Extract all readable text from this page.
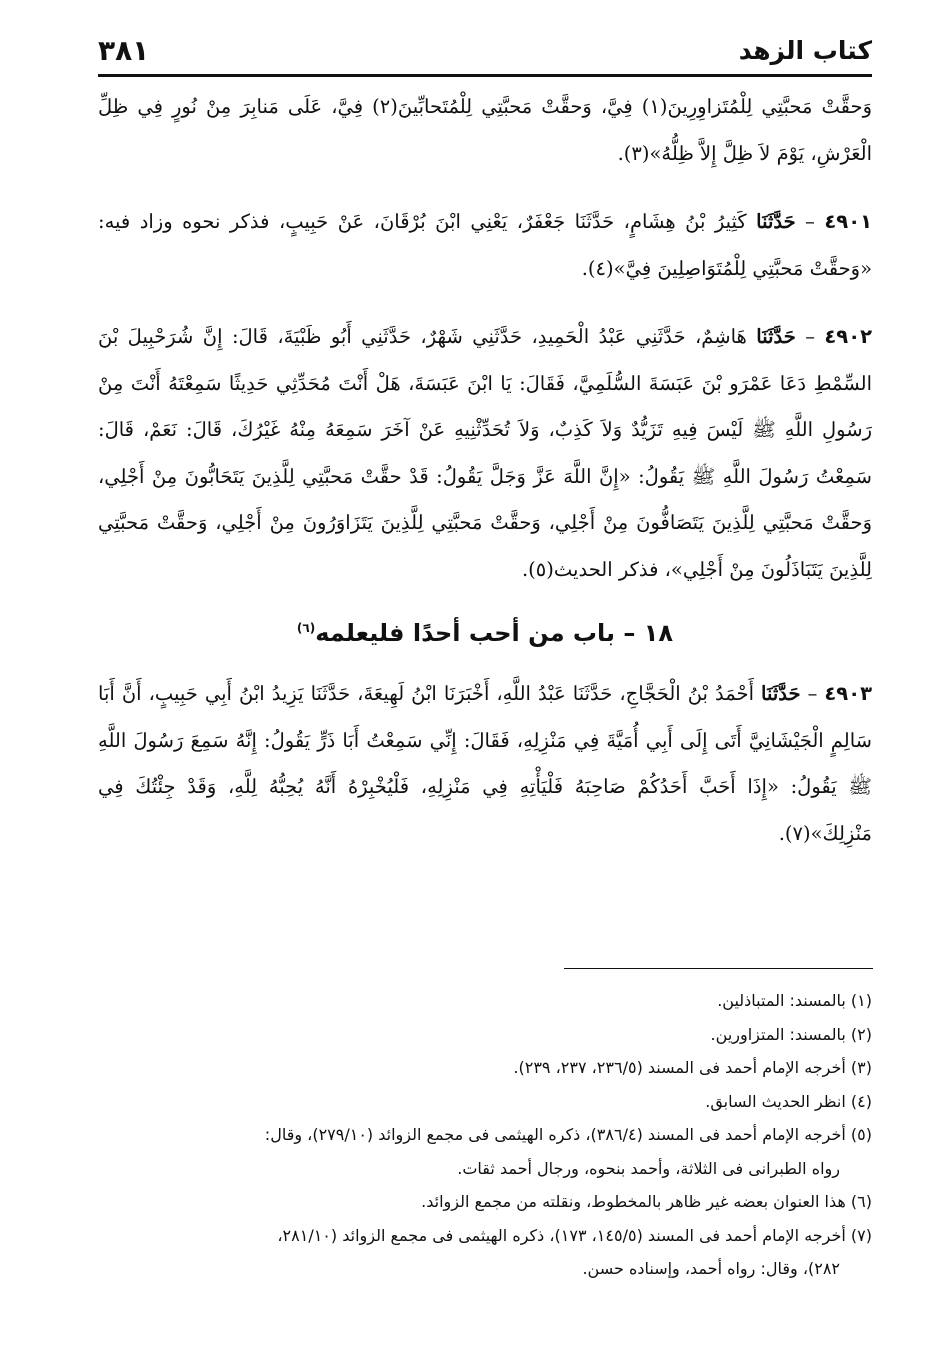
كتاب الزهد
٣٨١

وَحقَّتْ مَحبَّتِي لِلْمُتَزاوِرِينَ(١) فِيَّ، وَحقَّتْ مَحبَّتِي لِلْمُتَحابِّينَ(٢) فِيَّ، عَلَى مَنابِرَ مِنْ نُورٍ فِي ظِلِّ الْعَرْشِ، يَوْمَ لاَ ظِلَّ إِلاَّ ظِلُّهُ»(٣).

٤٩٠١ – حَدَّثَنَا كَثِيرُ بْنُ هِشَامٍ، حَدَّثَنَا جَعْفَرٌ، يَعْنِي ابْنَ بُرْقَانَ، عَنْ حَبِيبٍ، فذكر نحوه وزاد فيه: «وَحقَّتْ مَحبَّتِي لِلْمُتَوَاصِلِينَ فِيَّ»(٤).

٤٩٠٢ – حَدَّثَنَا هَاشِمٌ، حَدَّثَنِي عَبْدُ الْحَمِيدِ، حَدَّثَنِي شَهْرٌ، حَدَّثَنِي أَبُو ظَبْيَةَ، قَالَ: إِنَّ شُرَحْبِيلَ بْنَ السِّمْطِ دَعَا عَمْرَو بْنَ عَبَسَةَ السُّلَمِيَّ، فَقَالَ: يَا ابْنَ عَبَسَةَ، هَلْ أَنْتَ مُحَدِّثِي حَدِيثًا سَمِعْتَهُ أَنْتَ مِنْ رَسُولِ اللَّهِ ﷺ لَيْسَ فِيهِ تَزَيُّدٌ وَلاَ كَذِبٌ، وَلاَ تُحَدِّثْنِيهِ عَنْ آخَرَ سَمِعَهُ مِنْهُ غَيْرُكَ، قَالَ: نَعَمْ، قَالَ: سَمِعْتُ رَسُولَ اللَّهِ ﷺ يَقُولُ: «إِنَّ اللَّهَ عَزَّ وَجَلَّ يَقُولُ: قَدْ حقَّتْ مَحبَّتِي لِلَّذِينَ يَتَحَابُّونَ مِنْ أَجْلِي، وَحقَّتْ مَحبَّتِي لِلَّذِينَ يَتَصَافُّونَ مِنْ أَجْلِي، وَحقَّتْ مَحبَّتِي لِلَّذِينَ يَتَزَاوَرُونَ مِنْ أَجْلِي، وَحقَّتْ مَحبَّتِي لِلَّذِينَ يَتَبَاذَلُونَ مِنْ أَجْلِي»، فذكر الحديث(٥).

١٨ – باب من أحب أحدًا فليعلمه$^{(٦)}$

٤٩٠٣ – حَدَّثَنَا أَحْمَدُ بْنُ الْحَجَّاجِ، حَدَّثَنَا عَبْدُ اللَّهِ، أَخْبَرَنَا ابْنُ لَهِيعَةَ، حَدَّثَنَا يَزِيدُ ابْنُ أَبِي حَبِيبٍ، أَنَّ أَبَا سَالِمٍ الْجَيْشَانِيَّ أَتَى إِلَى أَبِي أُمَيَّةَ فِي مَنْزِلِهِ، فَقَالَ: إِنِّي سَمِعْتُ أَبَا ذَرٍّ يَقُولُ: إِنَّهُ سَمِعَ رَسُولَ اللَّهِ ﷺ يَقُولُ: «إِذَا أَحَبَّ أَحَدُكُمْ صَاحِبَهُ فَلْيَأْتِهِ فِي مَنْزِلِهِ، فَلْيُخْبِرْهُ أَنَّهُ يُحِبُّهُ لِلَّهِ، وَقَدْ جِئْتُكَ فِي مَنْزِلِكَ»(٧).

(١) بالمسند: المتباذلين.

(٢) بالمسند: المتزاورين.

(٣) أخرجه الإمام أحمد فى المسند (٢٣٦/٥، ٢٣٧، ٢٣٩).

(٤) انظر الحديث السابق.

(٥) أخرجه الإمام أحمد فى المسند (٣٨٦/٤)، ذكره الهيثمى فى مجمع الزوائد (٢٧٩/١٠)، وقال:

رواه الطبرانى فى الثلاثة، وأحمد بنحوه، ورجال أحمد ثقات.

(٦) هذا العنوان بعضه غير ظاهر بالمخطوط، ونقلته من مجمع الزوائد.

(٧) أخرجه الإمام أحمد فى المسند (١٤٥/٥، ١٧٣)، ذكره الهيثمى فى مجمع الزوائد (٢٨١/١٠،

٢٨٢)، وقال: رواه أحمد، وإسناده حسن.
